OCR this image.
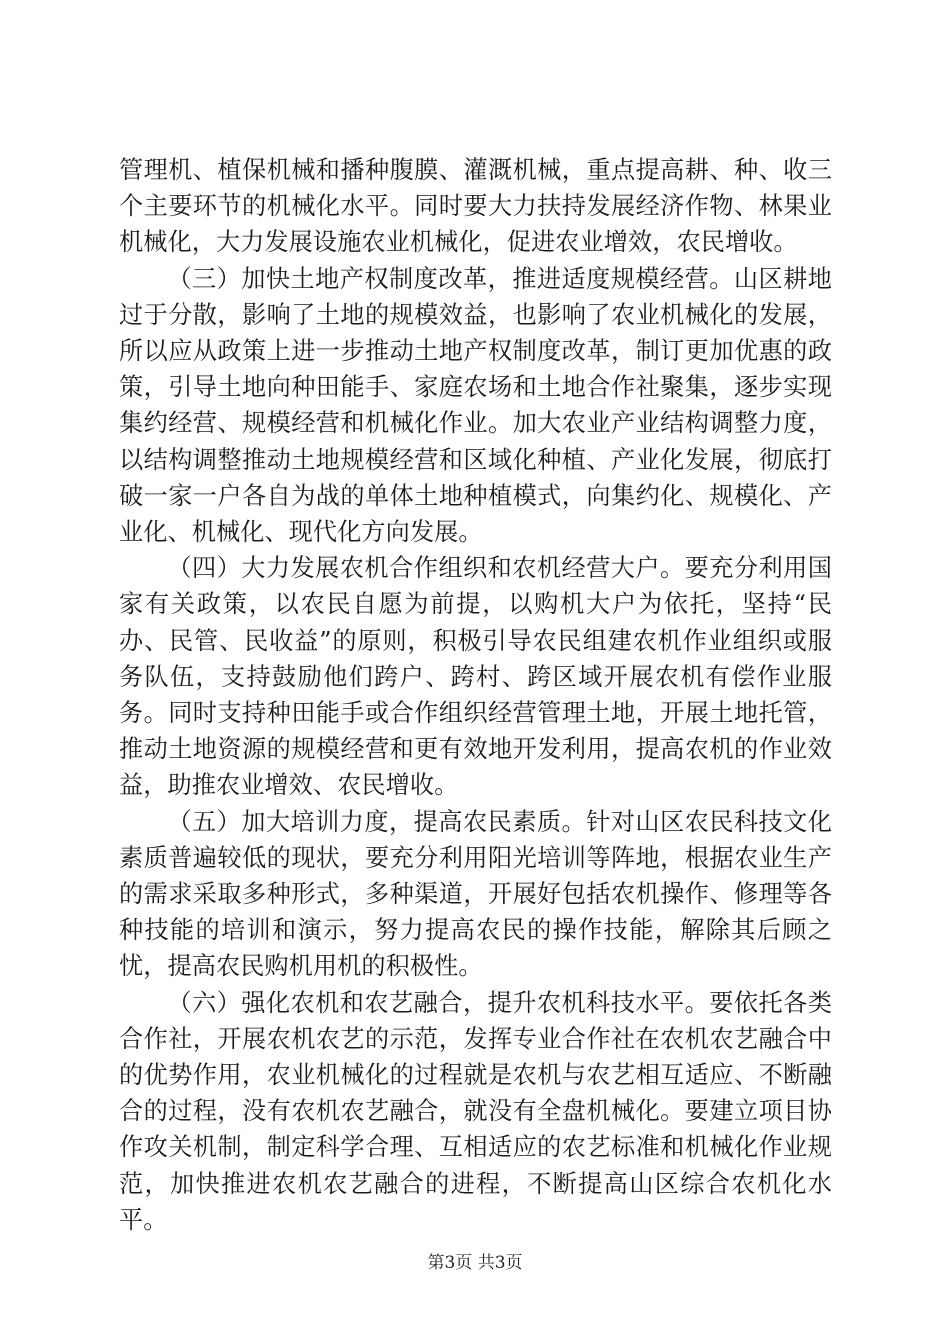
管理机、植保机械和播种腹膜、灌溉机械，重点提高耕、种、收三个主要环节的机械化水平。同时要大力扶持发展经济作物、林果业机械化，大力发展设施农业机械化，促进农业增效，农民增收。

（三）加快土地产权制度改革，推进适度规模经营。山区耕地过于分散，影响了土地的规模效益，也影响了农业机械化的发展，所以应从政策上进一步推动土地产权制度改革，制订更加优惠的政策，引导土地向种田能手、家庭农场和土地合作社聚集，逐步实现集约经营、规模经营和机械化作业。加大农业产业结构调整力度，以结构调整推动土地规模经营和区域化种植、产业化发展，彻底打破一家一户各自为战的单体土地种植模式，向集约化、规模化、产业化、机械化、现代化方向发展。

（四）大力发展农机合作组织和农机经营大户。要充分利用国家有关政策，以农民自愿为前提，以购机大户为依托，坚持“民办、民管、民收益”的原则，积极引导农民组建农机作业组织或服务队伍，支持鼓励他们跨户、跨村、跨区域开展农机有偿作业服务。同时支持种田能手或合作组织经营管理土地，开展土地托管，推动土地资源的规模经营和更有效地开发利用，提高农机的作业效益，助推农业增效、农民增收。

（五）加大培训力度，提高农民素质。针对山区农民科技文化素质普遍较低的现状，要充分利用阳光培训等阵地，根据农业生产的需求采取多种形式，多种渠道，开展好包括农机操作、修理等各种技能的培训和演示，努力提高农民的操作技能，解除其后顾之忧，提高农民购机用机的积极性。

（六）强化农机和农艺融合，提升农机科技水平。要依托各类合作社，开展农机农艺的示范，发挥专业合作社在农机农艺融合中的优势作用，农业机械化的过程就是农机与农艺相互适应、不断融合的过程，没有农机农艺融合，就没有全盘机械化。要建立项目协作攻关机制，制定科学合理、互相适应的农艺标准和机械化作业规范，加快推进农机农艺融合的进程，不断提高山区综合农机化水平。

第3页 共3页
